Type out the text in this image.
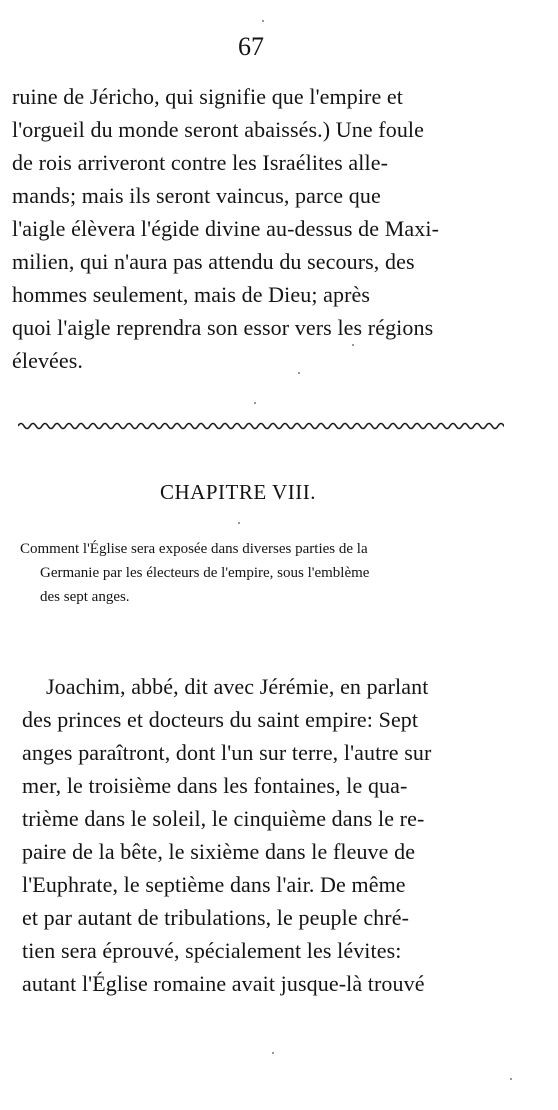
67
ruine de Jéricho, qui signifie que l'empire et
l'orgueil du monde seront abaissés.) Une foule
de rois arriveront contre les Israélites alle-
mands; mais ils seront vaincus, parce que
l'aigle élèvera l'égide divine au-dessus de Maxi-
milien, qui n'aura pas attendu du secours, des
hommes seulement, mais de Dieu; après
quoi l'aigle reprendra son essor vers les régions
élevées.
CHAPITRE VIII.
Comment l'Église sera exposée dans diverses parties de la
Germanie par les électeurs de l'empire, sous l'emblème
des sept anges.
Joachim, abbé, dit avec Jérémie, en parlant
des princes et docteurs du saint empire: Sept
anges paraîtront, dont l'un sur terre, l'autre sur
mer, le troisième dans les fontaines, le qua-
trième dans le soleil, le cinquième dans le re-
paire de la bête, le sixième dans le fleuve de
l'Euphrate, le septième dans l'air. De même
et par autant de tribulations, le peuple chré-
tien sera éprouvé, spécialement les lévites:
autant l'Église romaine avait jusque-là trouvé
